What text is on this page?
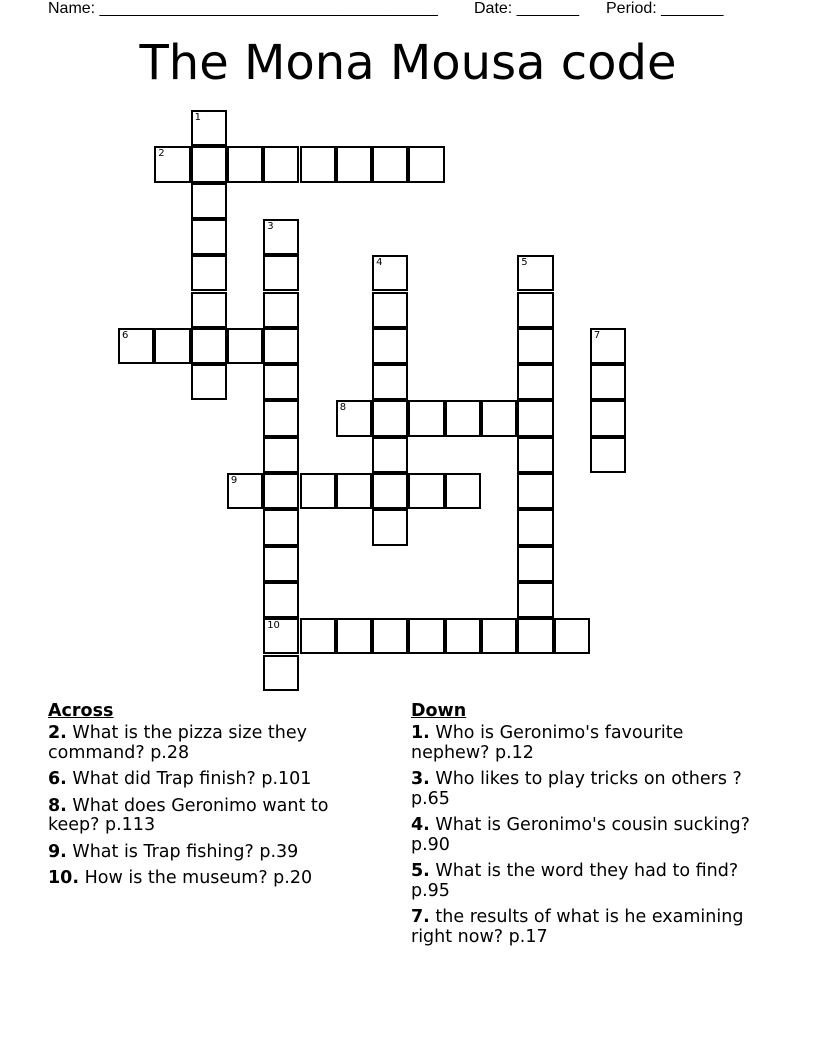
Name: ______________________________________ Date: _______ Period: _______
The Mona Mousa code
1
2
3
10
4	5
6	7
8
9
Across
2. What is the pizza size they command? p.28
6. What did Trap finish? p.101
8. What does Geronimo want to keep? p.113
9. What is Trap fishing? p.39
10. How is the museum? p.20
Down
1. Who is Geronimo's favourite nephew? p.12
3. Who likes to play tricks on others ? p.65
4. What is Geronimo's cousin sucking? p.90
5. What is the word they had to find? p.95
7. the results of what is he examining right now? p.17
